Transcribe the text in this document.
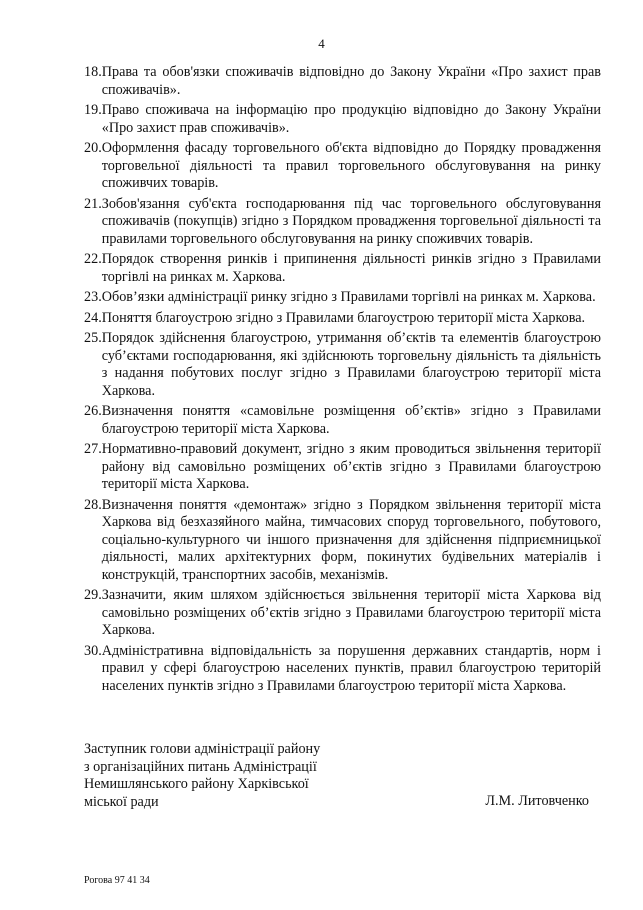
4
18. Права та обов'язки споживачів відповідно до Закону України «Про захист прав споживачів».
19. Право споживача на інформацію про продукцію відповідно до Закону України «Про захист прав споживачів».
20. Оформлення фасаду торговельного об'єкта відповідно до Порядку провадження торговельної діяльності та правил торговельного обслуговування на ринку споживчих товарів.
21. Зобов'язання суб'єкта господарювання під час торговельного обслуговування споживачів (покупців) згідно з Порядком провадження торговельної діяльності та правилами торговельного обслуговування на ринку споживчих товарів.
22. Порядок створення ринків і припинення діяльності ринків згідно з Правилами торгівлі на ринках м. Харкова.
23. Обов’язки адміністрації ринку згідно з Правилами торгівлі на ринках м. Харкова.
24. Поняття благоустрою згідно з Правилами благоустрою території міста Харкова.
25. Порядок здійснення благоустрою, утримання об’єктів та елементів благоустрою суб’єктами господарювання, які здійснюють торговельну діяльність та діяльність з надання побутових послуг згідно з Правилами благоустрою території міста Харкова.
26. Визначення поняття «самовільне розміщення об’єктів» згідно з Правилами благоустрою території міста Харкова.
27. Нормативно-правовий документ, згідно з яким проводиться звільнення території району від самовільно розміщених об’єктів згідно з Правилами благоустрою території міста Харкова.
28. Визначення поняття «демонтаж» згідно з Порядком звільнення території міста Харкова від безхазяйного майна, тимчасових споруд торговельного, побутового, соціально-культурного чи іншого призначення для здійснення підприємницької діяльності, малих архітектурних форм, покинутих будівельних матеріалів і конструкцій, транспортних засобів, механізмів.
29. Зазначити, яким шляхом здійснюється звільнення території міста Харкова від самовільно розміщених об’єктів згідно з Правилами благоустрою території міста Харкова.
30. Адміністративна відповідальність за порушення державних стандартів, норм і правил у сфері благоустрою населених пунктів, правил благоустрою територій населених пунктів згідно з Правилами благоустрою території міста Харкова.
Заступник голови адміністрації району
з організаційних питань Адміністрації
Немишлянського району Харківської
міської ради	Л.М. Литовченко
Рогова 97 41 34
